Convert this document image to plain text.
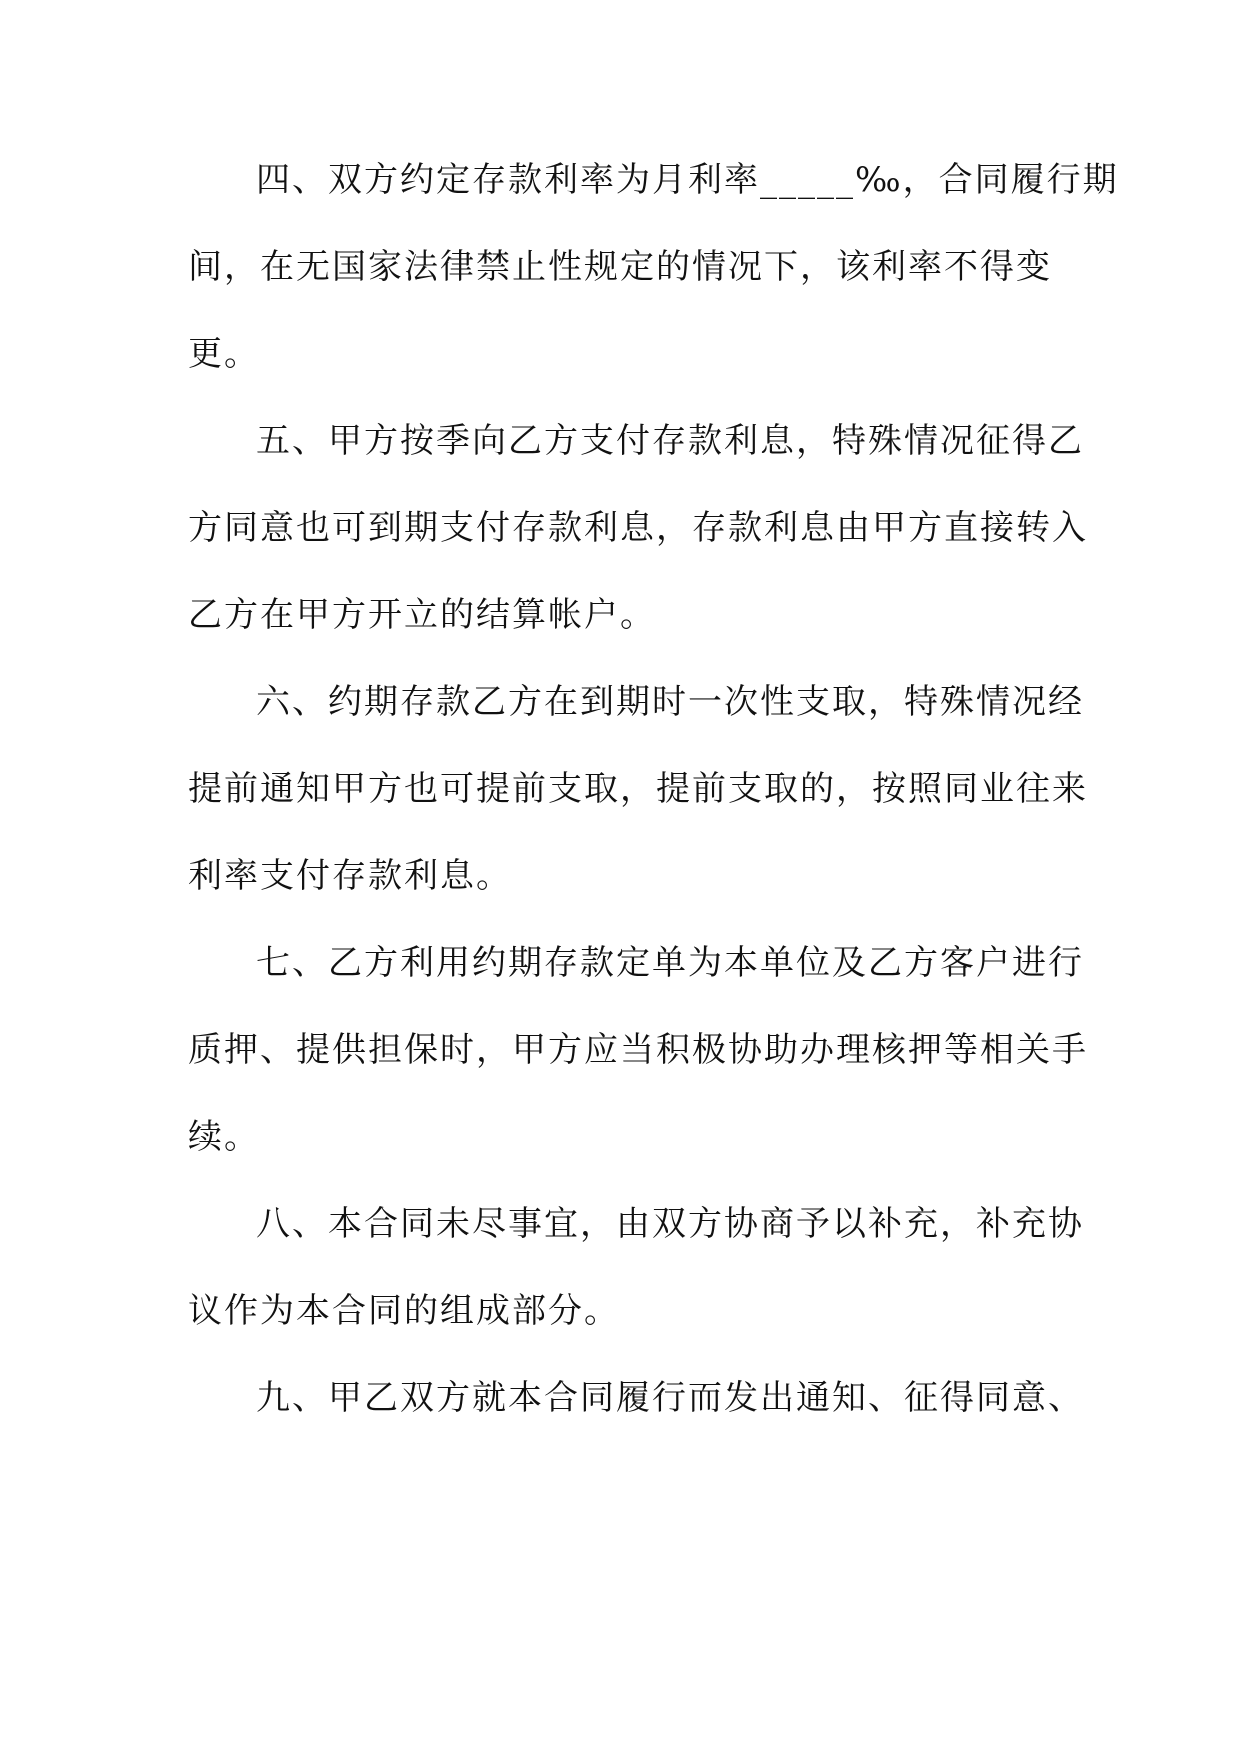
四、双方约定存款利率为月利率_____‰，合同履行期

间，在无国家法律禁止性规定的情况下，该利率不得变

更。

五、甲方按季向乙方支付存款利息，特殊情况征得乙

方同意也可到期支付存款利息，存款利息由甲方直接转入

乙方在甲方开立的结算帐户。

六、约期存款乙方在到期时一次性支取，特殊情况经

提前通知甲方也可提前支取，提前支取的，按照同业往来

利率支付存款利息。

七、乙方利用约期存款定单为本单位及乙方客户进行

质押、提供担保时，甲方应当积极协助办理核押等相关手

续。

八、本合同未尽事宜，由双方协商予以补充，补充协

议作为本合同的组成部分。

九、甲乙双方就本合同履行而发出通知、征得同意、
